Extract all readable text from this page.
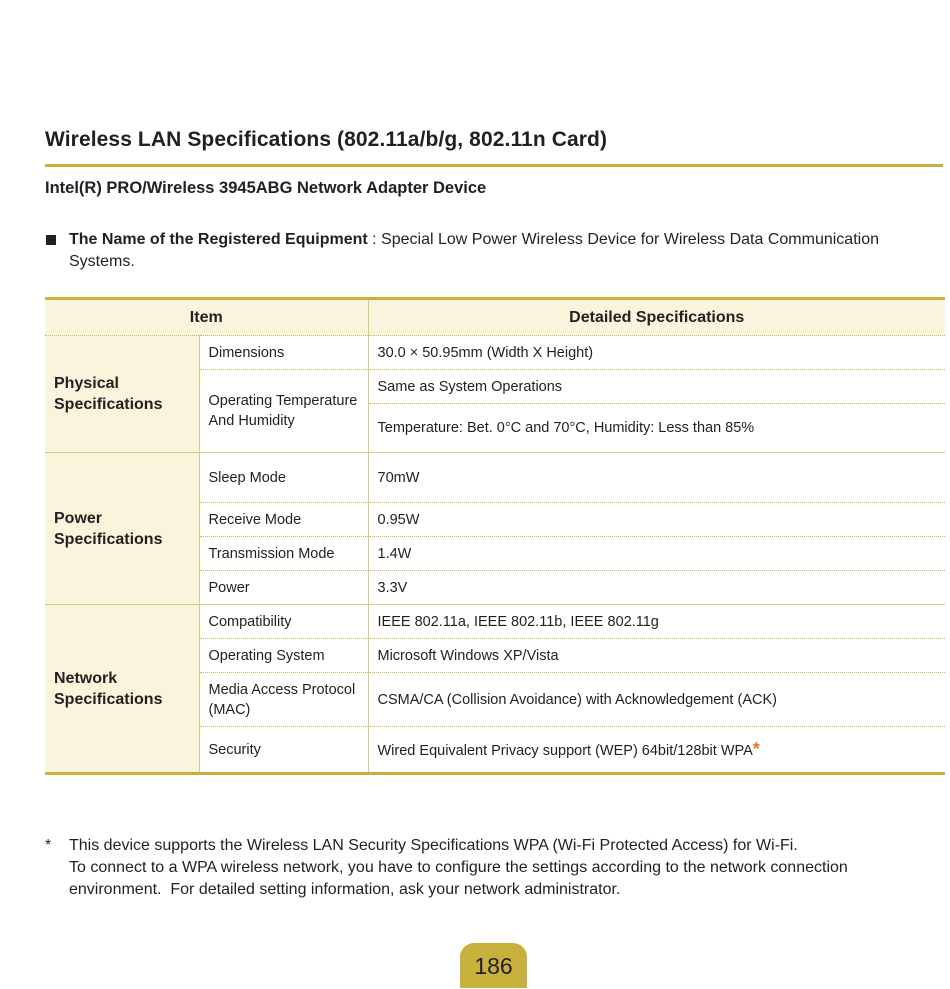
Wireless LAN Specifications (802.11a/b/g, 802.11n Card)
Intel(R) PRO/Wireless 3945ABG Network Adapter Device
The Name of the Registered Equipment : Special Low Power Wireless Device for Wireless Data Communication Systems.
Item		Detailed Specifications
Physical  Specifications	Dimensions	30.0 × 50.95mm (Width X Height)
	Operating Temperature And Humidity	Same as System Operations
		Temperature: Bet. 0°C and 70°C, Humidity: Less than 85%
Power Specifications	Sleep Mode	70mW
	Receive Mode	0.95W
	Transmission Mode	1.4W
	Power	3.3V
Network Specifications	Compatibility	IEEE 802.11a, IEEE 802.11b, IEEE 802.11g
	Operating System	Microsoft Windows XP/Vista
	Media Access Protocol (MAC)	CSMA/CA (Collision Avoidance) with Acknowledgement (ACK)
	Security	Wired Equivalent Privacy support (WEP) 64bit/128bit WPA*
* This device supports the Wireless LAN Security Specifications WPA (Wi-Fi Protected Access) for Wi-Fi.

To connect to a WPA wireless network, you have to configure the settings according to the network connection environment.  For detailed setting information, ask your network administrator.

186
